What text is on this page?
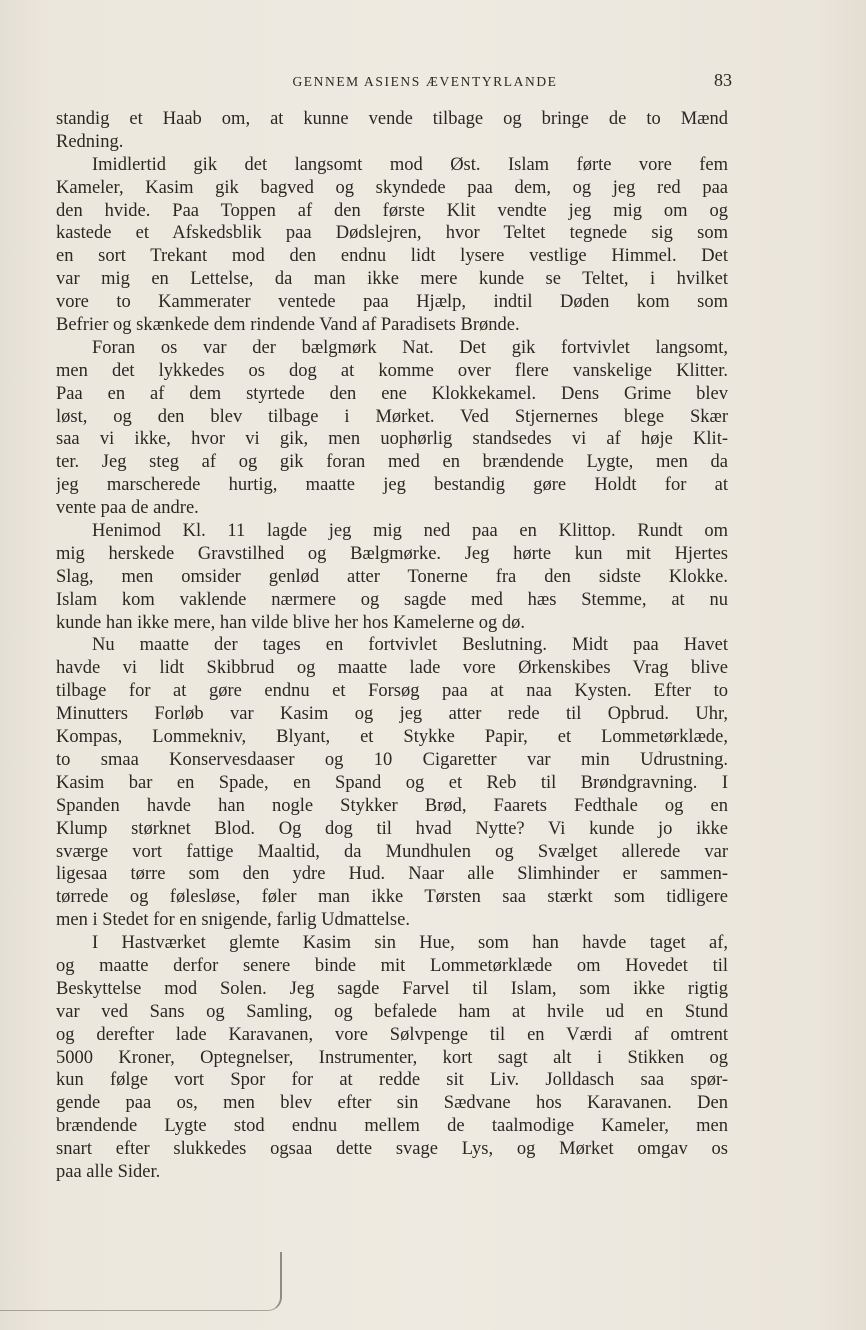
GENNEM ASIENS ÆVENTYRLANDE	83
standig et Haab om, at kunne vende tilbage og bringe de to Mænd
Redning.
Imidlertid gik det langsomt mod Øst. Islam førte vore fem
Kameler, Kasim gik bagved og skyndede paa dem, og jeg red paa
den hvide. Paa Toppen af den første Klit vendte jeg mig om og
kastede et Afskedsblik paa Dødslejren, hvor Teltet tegnede sig som
en sort Trekant mod den endnu lidt lysere vestlige Himmel. Det
var mig en Lettelse, da man ikke mere kunde se Teltet, i hvilket
vore to Kammerater ventede paa Hjælp, indtil Døden kom som
Befrier og skænkede dem rindende Vand af Paradisets Brønde.
Foran os var der bælgmørk Nat. Det gik fortvivlet langsomt,
men det lykkedes os dog at komme over flere vanskelige Klitter.
Paa en af dem styrtede den ene Klokkekamel. Dens Grime blev
løst, og den blev tilbage i Mørket. Ved Stjernernes blege Skær
saa vi ikke, hvor vi gik, men uophørlig standsedes vi af høje Klit-
ter. Jeg steg af og gik foran med en brændende Lygte, men da
jeg marscherede hurtig, maatte jeg bestandig gøre Holdt for at
vente paa de andre.
Henimod Kl. 11 lagde jeg mig ned paa en Klittop. Rundt om
mig herskede Gravstilhed og Bælgmørke. Jeg hørte kun mit Hjertes
Slag, men omsider genlød atter Tonerne fra den sidste Klokke.
Islam kom vaklende nærmere og sagde med hæs Stemme, at nu
kunde han ikke mere, han vilde blive her hos Kamelerne og dø.
Nu maatte der tages en fortvivlet Beslutning. Midt paa Havet
havde vi lidt Skibbrud og maatte lade vore Ørkenskibes Vrag blive
tilbage for at gøre endnu et Forsøg paa at naa Kysten. Efter to
Minutters Forløb var Kasim og jeg atter rede til Opbrud. Uhr,
Kompas, Lommekniv, Blyant, et Stykke Papir, et Lommetørklæde,
to smaa Konservesdaaser og 10 Cigaretter var min Udrustning.
Kasim bar en Spade, en Spand og et Reb til Brøndgravning. I
Spanden havde han nogle Stykker Brød, Faarets Fedthale og en
Klump størknet Blod. Og dog til hvad Nytte? Vi kunde jo ikke
sværge vort fattige Maaltid, da Mundhulen og Svælget allerede var
ligesaa tørre som den ydre Hud. Naar alle Slimhinder er sammen-
tørrede og følesløse, føler man ikke Tørsten saa stærkt som tidligere
men i Stedet for en snigende, farlig Udmattelse.
I Hastværket glemte Kasim sin Hue, som han havde taget af,
og maatte derfor senere binde mit Lommetørklæde om Hovedet til
Beskyttelse mod Solen. Jeg sagde Farvel til Islam, som ikke rigtig
var ved Sans og Samling, og befalede ham at hvile ud en Stund
og derefter lade Karavanen, vore Sølvpenge til en Værdi af omtrent
5000 Kroner, Optegnelser, Instrumenter, kort sagt alt i Stikken og
kun følge vort Spor for at redde sit Liv. Jolldasch saa spør-
gende paa os, men blev efter sin Sædvane hos Karavanen. Den
brændende Lygte stod endnu mellem de taalmodige Kameler, men
snart efter slukkedes ogsaa dette svage Lys, og Mørket omgav os
paa alle Sider.
